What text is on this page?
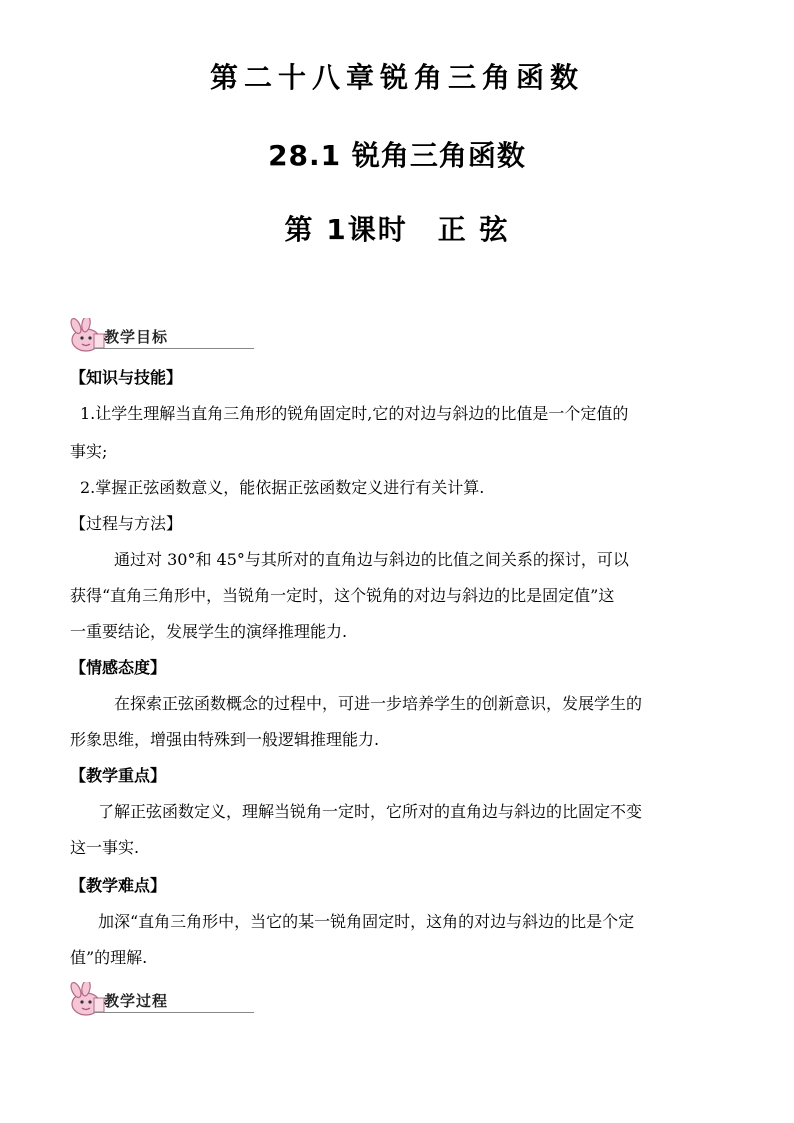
第二十八章锐角三角函数
28.1 锐角三角函数
第 1课时　正 弦
教学目标
【知识与技能】
1.让学生理解当直角三角形的锐角固定时,它的对边与斜边的比值是一个定值的
事实;
2.掌握正弦函数意义，能依据正弦函数定义进行有关计算.
【过程与方法】
通过对 30°和 45°与其所对的直角边与斜边的比值之间关系的探讨，可以
获得“直角三角形中，当锐角一定时，这个锐角的对边与斜边的比是固定值”这
一重要结论，发展学生的演绎推理能力.
【情感态度】
在探索正弦函数概念的过程中，可进一步培养学生的创新意识，发展学生的
形象思维，增强由特殊到一般逻辑推理能力.
【教学重点】
了解正弦函数定义，理解当锐角一定时，它所对的直角边与斜边的比固定不变
这一事实.
【教学难点】
加深“直角三角形中，当它的某一锐角固定时，这角的对边与斜边的比是个定
值”的理解.
教学过程
